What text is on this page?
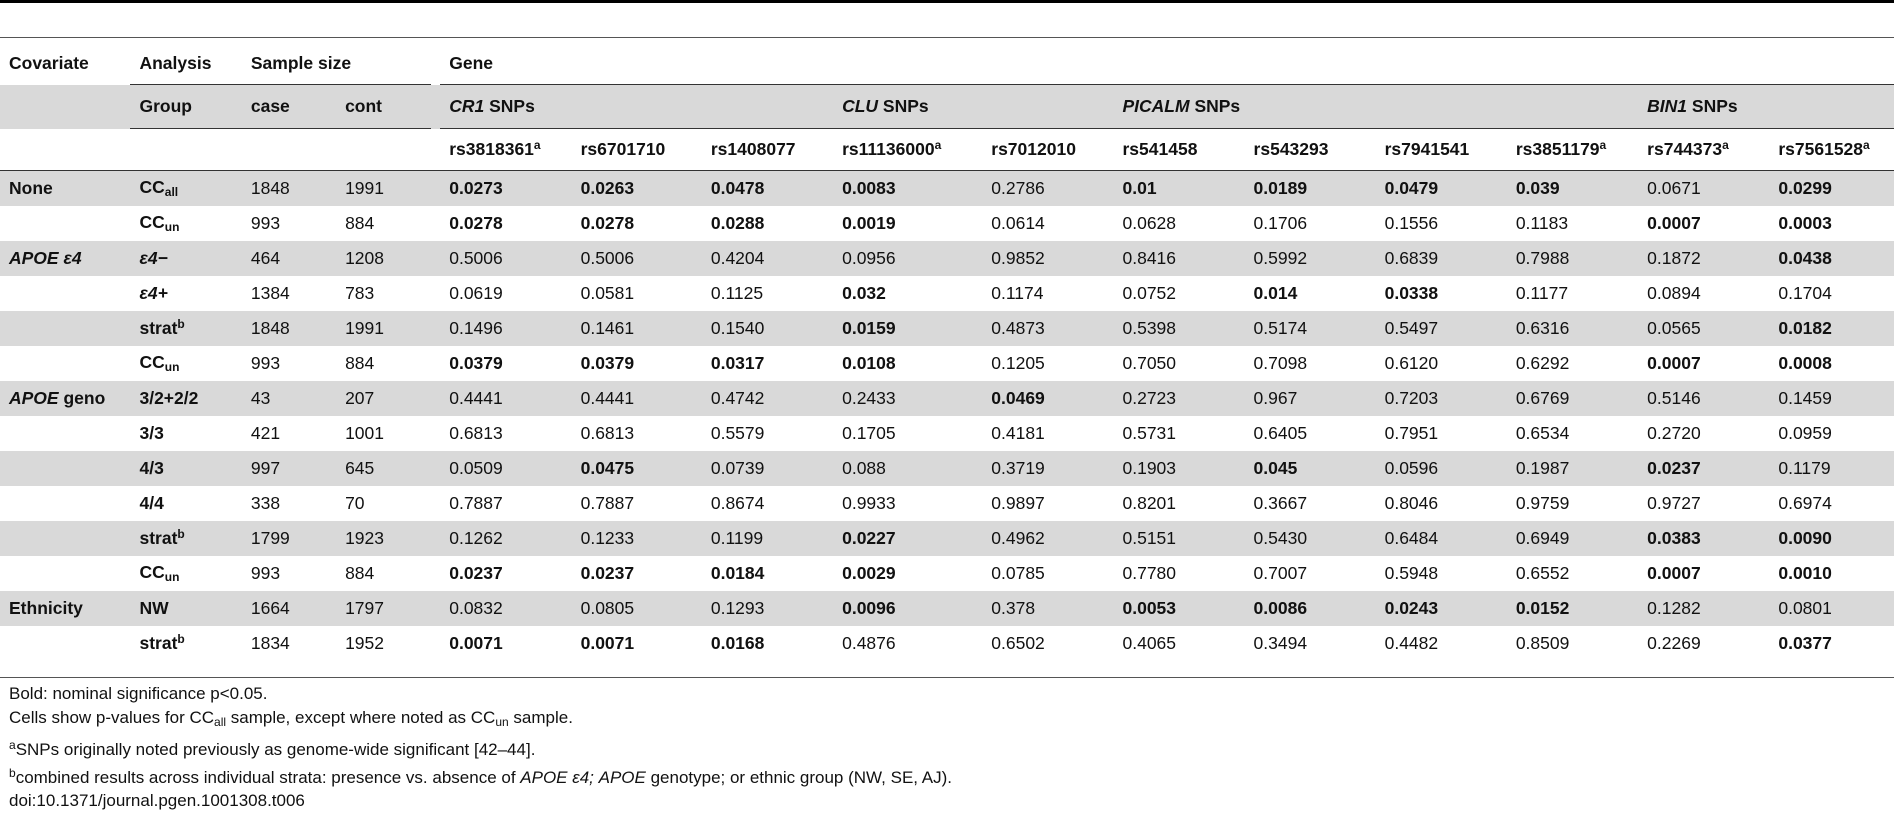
Covariate	Analysis	Sample size			Gene										
	Group	case	cont		CR1 SNPs			CLU SNPs		PICALM SNPs				BIN1 SNPs	
					rs3818361$^a$	rs6701710	rs1408077	rs11136000$^a$	rs7012010	rs541458	rs543293	rs7941541	rs3851179$^a$	rs744373$^a$	rs7561528$^a$
None	$CC_{all}$	1848	1991		0.0273	0.0263	0.0478	0.0083	0.2786	0.01	0.0189	0.0479	0.039	0.0671	0.0299
	$CC_{un}$	993	884		0.0278	0.0278	0.0288	0.0019	0.0614	0.0628	0.1706	0.1556	0.1183	0.0007	0.0003
APOE ε4	ε4−	464	1208		0.5006	0.5006	0.4204	0.0956	0.9852	0.8416	0.5992	0.6839	0.7988	0.1872	0.0438
	ε4+	1384	783		0.0619	0.0581	0.1125	0.032	0.1174	0.0752	0.014	0.0338	0.1177	0.0894	0.1704
	strat$^b$	1848	1991		0.1496	0.1461	0.1540	0.0159	0.4873	0.5398	0.5174	0.5497	0.6316	0.0565	0.0182
	$CC_{un}$	993	884		0.0379	0.0379	0.0317	0.0108	0.1205	0.7050	0.7098	0.6120	0.6292	0.0007	0.0008
APOE geno	3/2+2/2	43	207		0.4441	0.4441	0.4742	0.2433	0.0469	0.2723	0.967	0.7203	0.6769	0.5146	0.1459
	3/3	421	1001		0.6813	0.6813	0.5579	0.1705	0.4181	0.5731	0.6405	0.7951	0.6534	0.2720	0.0959
	4/3	997	645		0.0509	0.0475	0.0739	0.088	0.3719	0.1903	0.045	0.0596	0.1987	0.0237	0.1179
	4/4	338	70		0.7887	0.7887	0.8674	0.9933	0.9897	0.8201	0.3667	0.8046	0.9759	0.9727	0.6974
	strat$^b$	1799	1923		0.1262	0.1233	0.1199	0.0227	0.4962	0.5151	0.5430	0.6484	0.6949	0.0383	0.0090
	$CC_{un}$	993	884		0.0237	0.0237	0.0184	0.0029	0.0785	0.7780	0.7007	0.5948	0.6552	0.0007	0.0010
Ethnicity	NW	1664	1797		0.0832	0.0805	0.1293	0.0096	0.378	0.0053	0.0086	0.0243	0.0152	0.1282	0.0801
	strat$^b$	1834	1952		0.0071	0.0071	0.0168	0.4876	0.6502	0.4065	0.3494	0.4482	0.8509	0.2269	0.0377
Bold: nominal significance p<0.05.
Cells show p-values for $CC_{all}$ sample, except where noted as $CC_{un}$ sample.
$^a$SNPs originally noted previously as genome-wide significant [42–44].
$^b$combined results across individual strata: presence vs. absence of APOE ε4; APOE genotype; or ethnic group (NW, SE, AJ).
doi:10.1371/journal.pgen.1001308.t006
